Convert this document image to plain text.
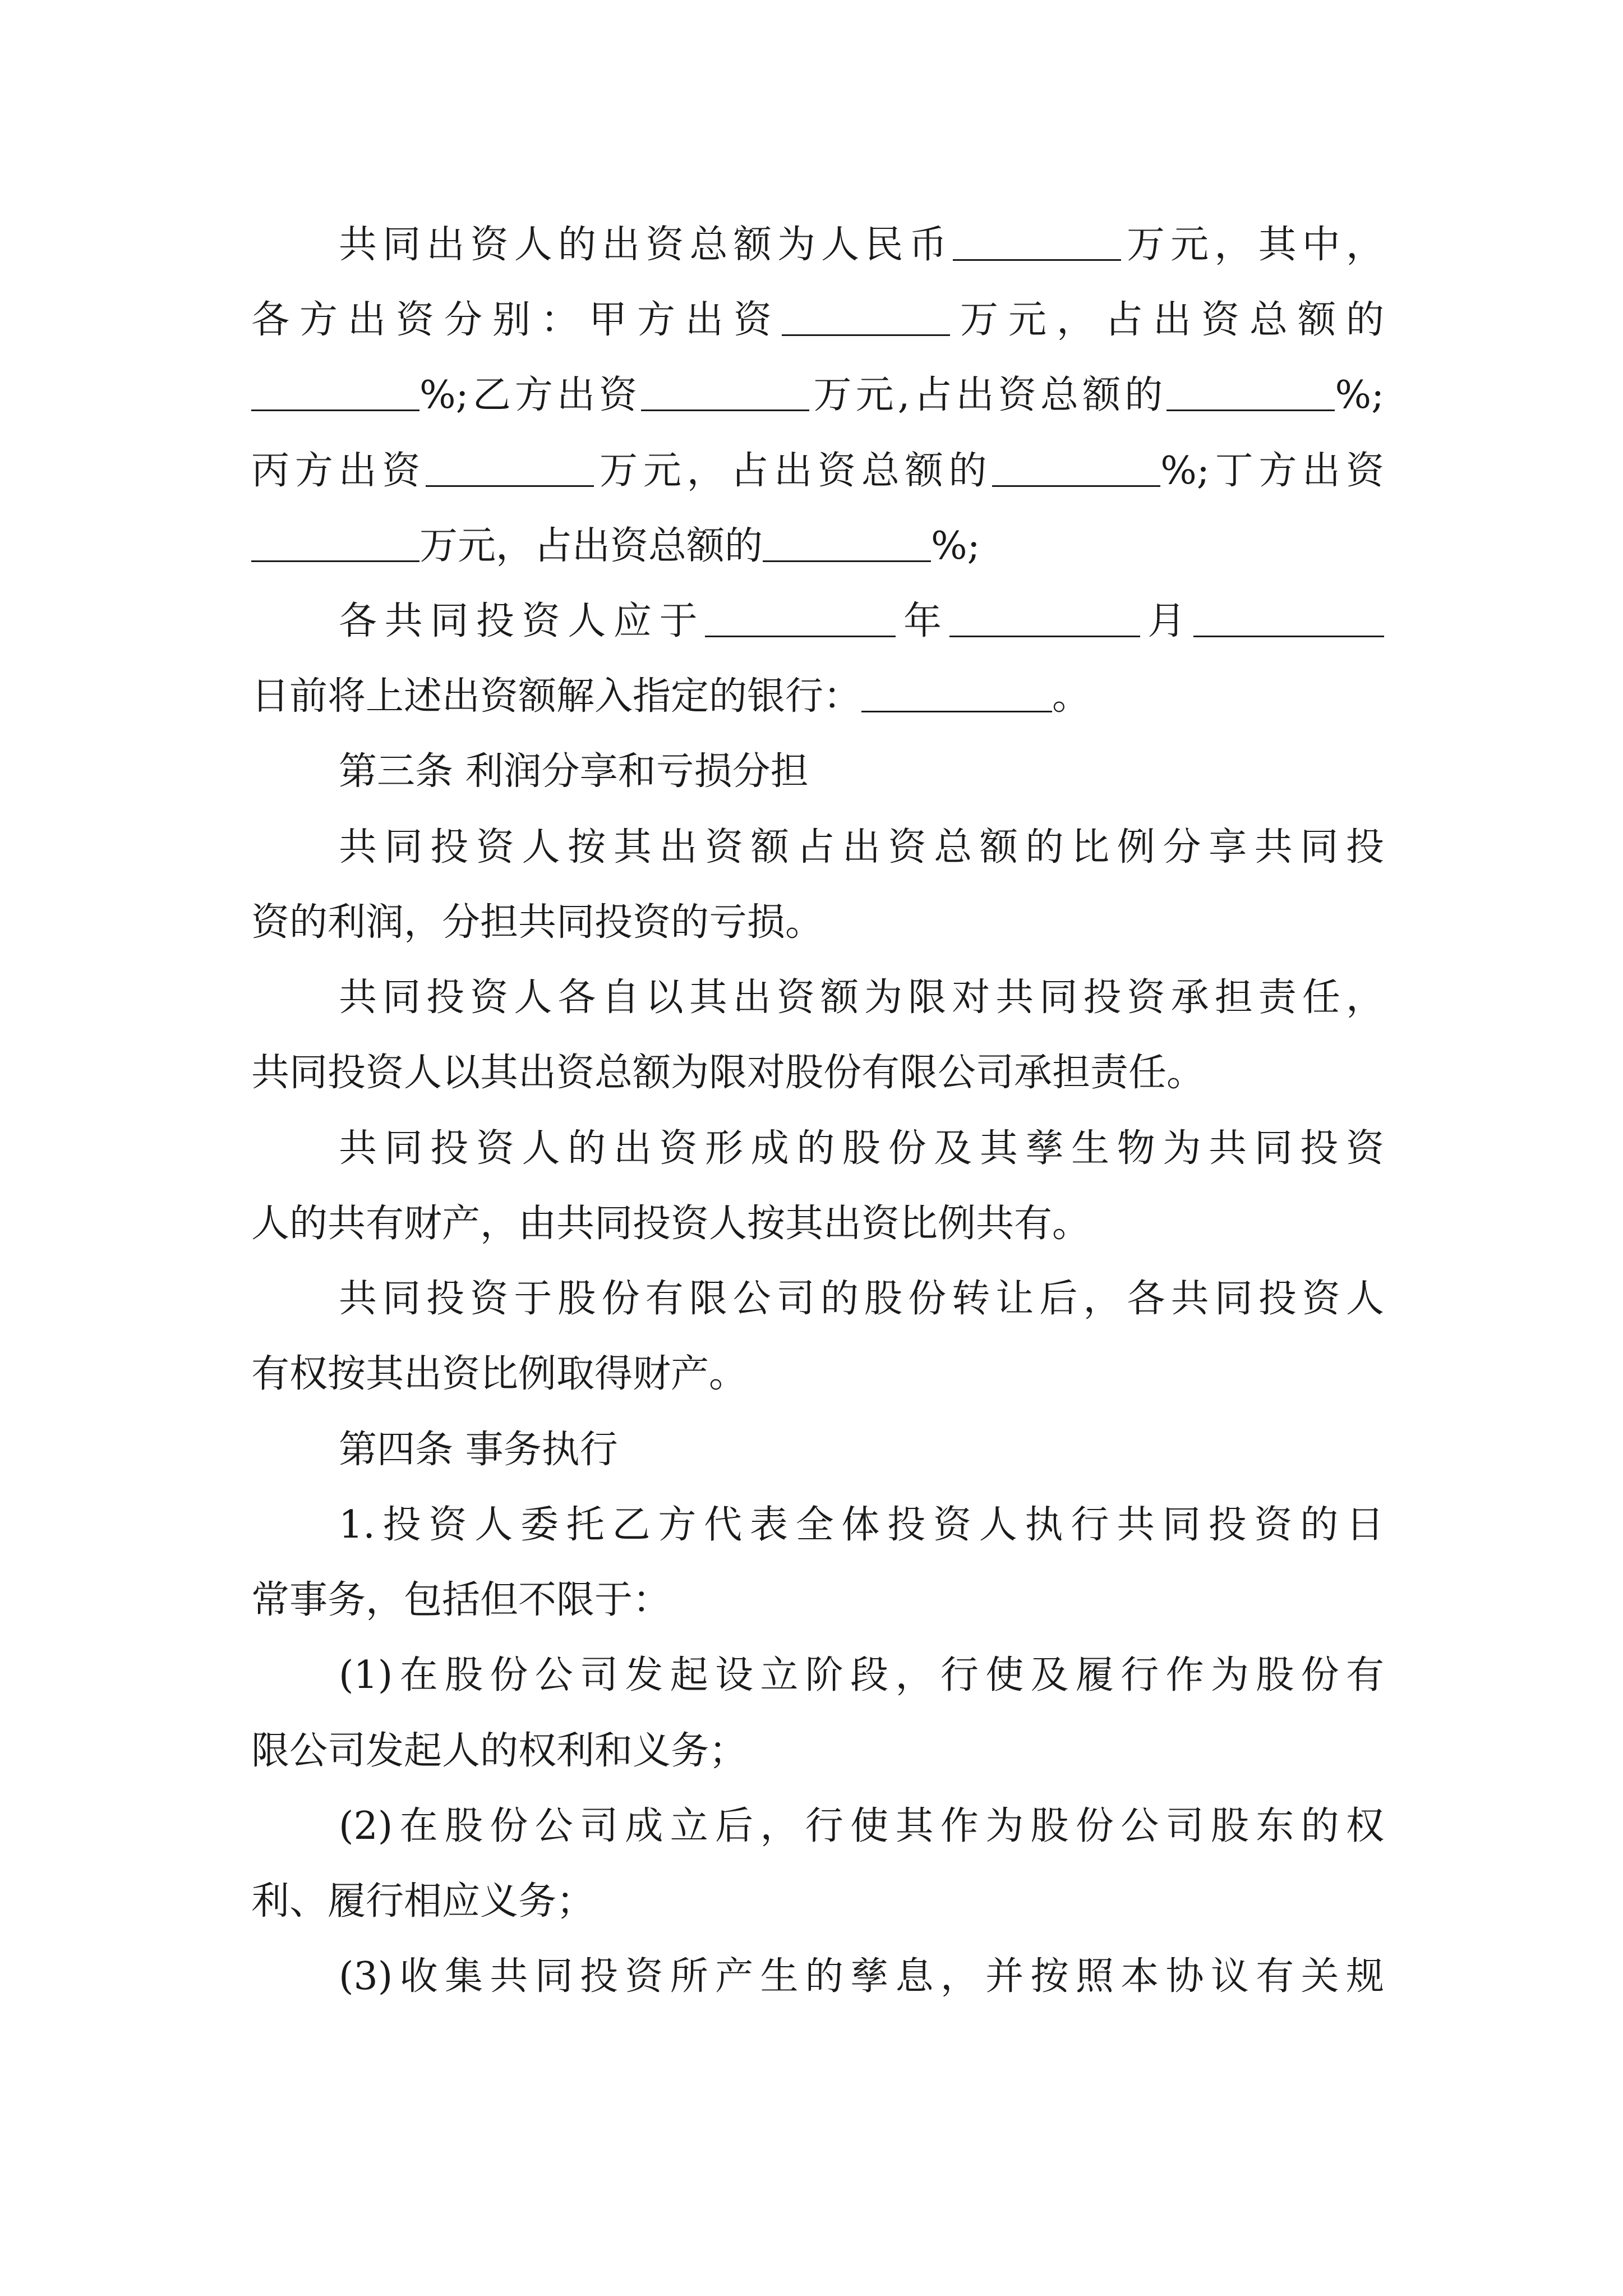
共同出资人的出资总额为人民币	万元，其中，
各方出资分别：甲方出资	万元，占出资总额的
%;乙方出资	万元,占出资总额的	%;
丙方出资	万元，占出资总额的	%;丁方出资
万元，占出资总额的	%;
各共同投资人应于	年	月
日前将上述出资额解入指定的银行：	。
第三条 利润分享和亏损分担
共同投资人按其出资额占出资总额的比例分享共同投
资的利润，分担共同投资的亏损。
共同投资人各自以其出资额为限对共同投资承担责任，
共同投资人以其出资总额为限对股份有限公司承担责任。
共同投资人的出资形成的股份及其孳生物为共同投资
人的共有财产，由共同投资人按其出资比例共有。
共同投资于股份有限公司的股份转让后，各共同投资人
有权按其出资比例取得财产。
第四条 事务执行
1.投资人委托乙方代表全体投资人执行共同投资的日
常事务，包括但不限于：
(1)在股份公司发起设立阶段，行使及履行作为股份有
限公司发起人的权利和义务；
(2)在股份公司成立后，行使其作为股份公司股东的权
利、履行相应义务；
(3)收集共同投资所产生的孳息，并按照本协议有关规
